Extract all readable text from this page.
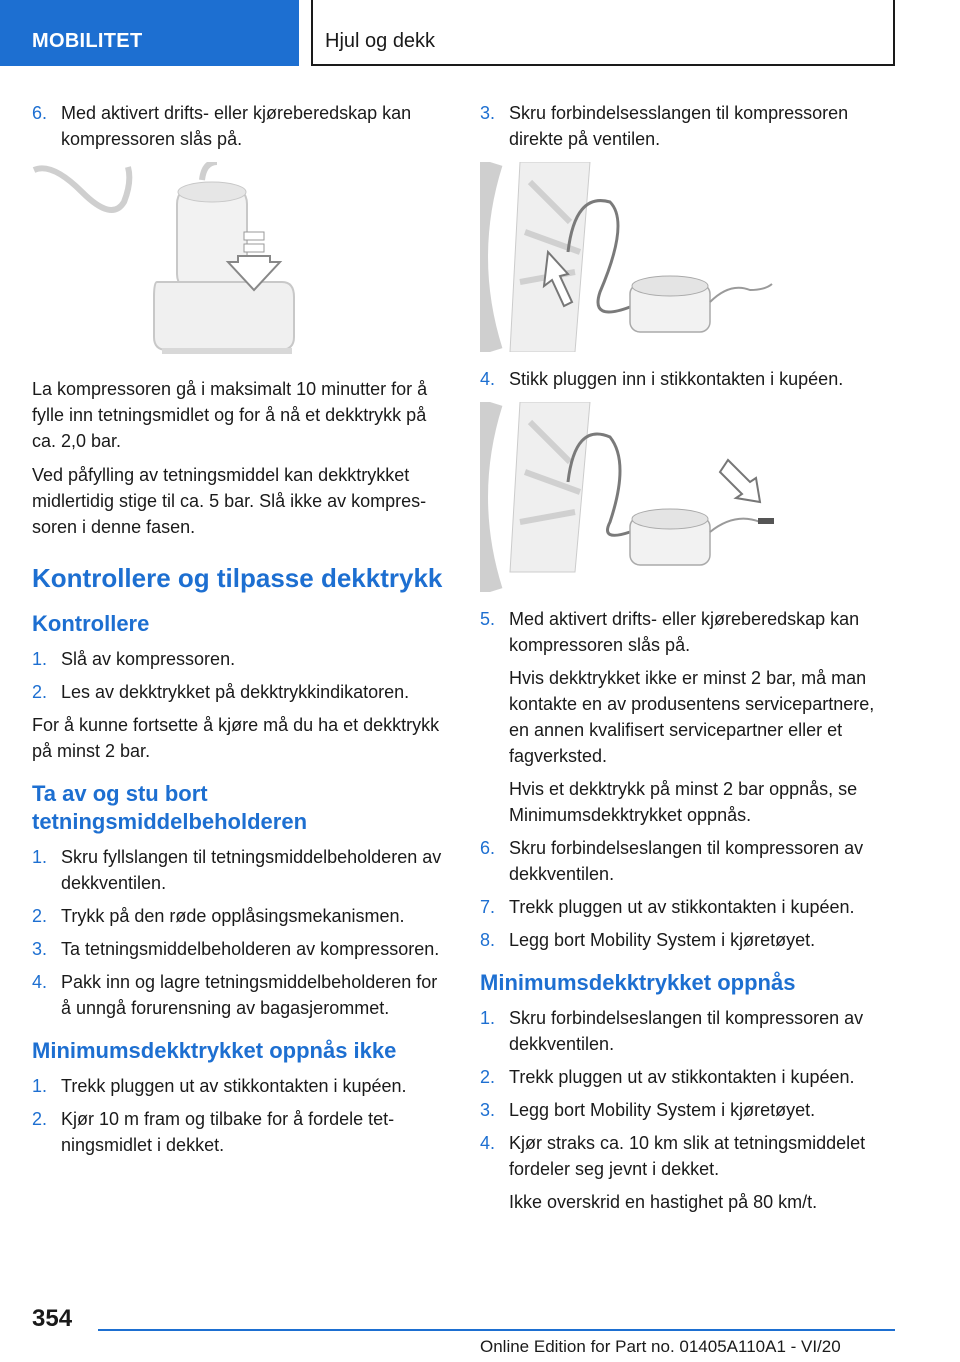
MOBILITET	Hjul og dekk
6. Med aktivert drifts- eller kjøreberedskap kan kompressoren slås på.
La kompressoren gå i maksimalt 10 minutter for å fylle inn tetningsmidlet og for å nå et dekktrykk på ca. 2,0 bar.
Ved påfylling av tetningsmiddel kan dekktrykket midlertidig stige til ca. 5 bar. Slå ikke av kompressoren i denne fasen.
Kontrollere og tilpasse dekktrykk
Kontrollere
1. Slå av kompressoren.
2. Les av dekktrykket på dekktrykkindikatoren.
For å kunne fortsette å kjøre må du ha et dekktrykk på minst 2 bar.
Ta av og stu bort tetningsmiddelbeholderen
1. Skru fyllslangen til tetningsmiddelbeholderen av dekkventilen.
2. Trykk på den røde opplåsingsmekanismen.
3. Ta tetningsmiddelbeholderen av kompressoren.
4. Pakk inn og lagre tetningsmiddelbeholderen for å unngå forurensning av bagasjerommet.
Minimumsdekktrykket oppnås ikke
1. Trekk pluggen ut av stikkontakten i kupéen.
2. Kjør 10 m fram og tilbake for å fordele tetningsmidlet i dekket.
3. Skru forbindelsesslangen til kompressoren direkte på ventilen.
4. Stikk pluggen inn i stikkontakten i kupéen.
5. Med aktivert drifts- eller kjøreberedskap kan kompressoren slås på.
Hvis dekktrykket ikke er minst 2 bar, må man kontakte en av produsentens servicepartnere, en annen kvalifisert servicepartner eller et fagverksted.
Hvis et dekktrykk på minst 2 bar oppnås, se Minimumsdekktrykket oppnås.
6. Skru forbindelseslangen til kompressoren av dekkventilen.
7. Trekk pluggen ut av stikkontakten i kupéen.
8. Legg bort Mobility System i kjøretøyet.
Minimumsdekktrykket oppnås
1. Skru forbindelseslangen til kompressoren av dekkventilen.
2. Trekk pluggen ut av stikkontakten i kupéen.
3. Legg bort Mobility System i kjøretøyet.
4. Kjør straks ca. 10 km slik at tetningsmiddelet fordeler seg jevnt i dekket.
Ikke overskrid en hastighet på 80 km/t.
354
Online Edition for Part no. 01405A110A1 - VI/20
